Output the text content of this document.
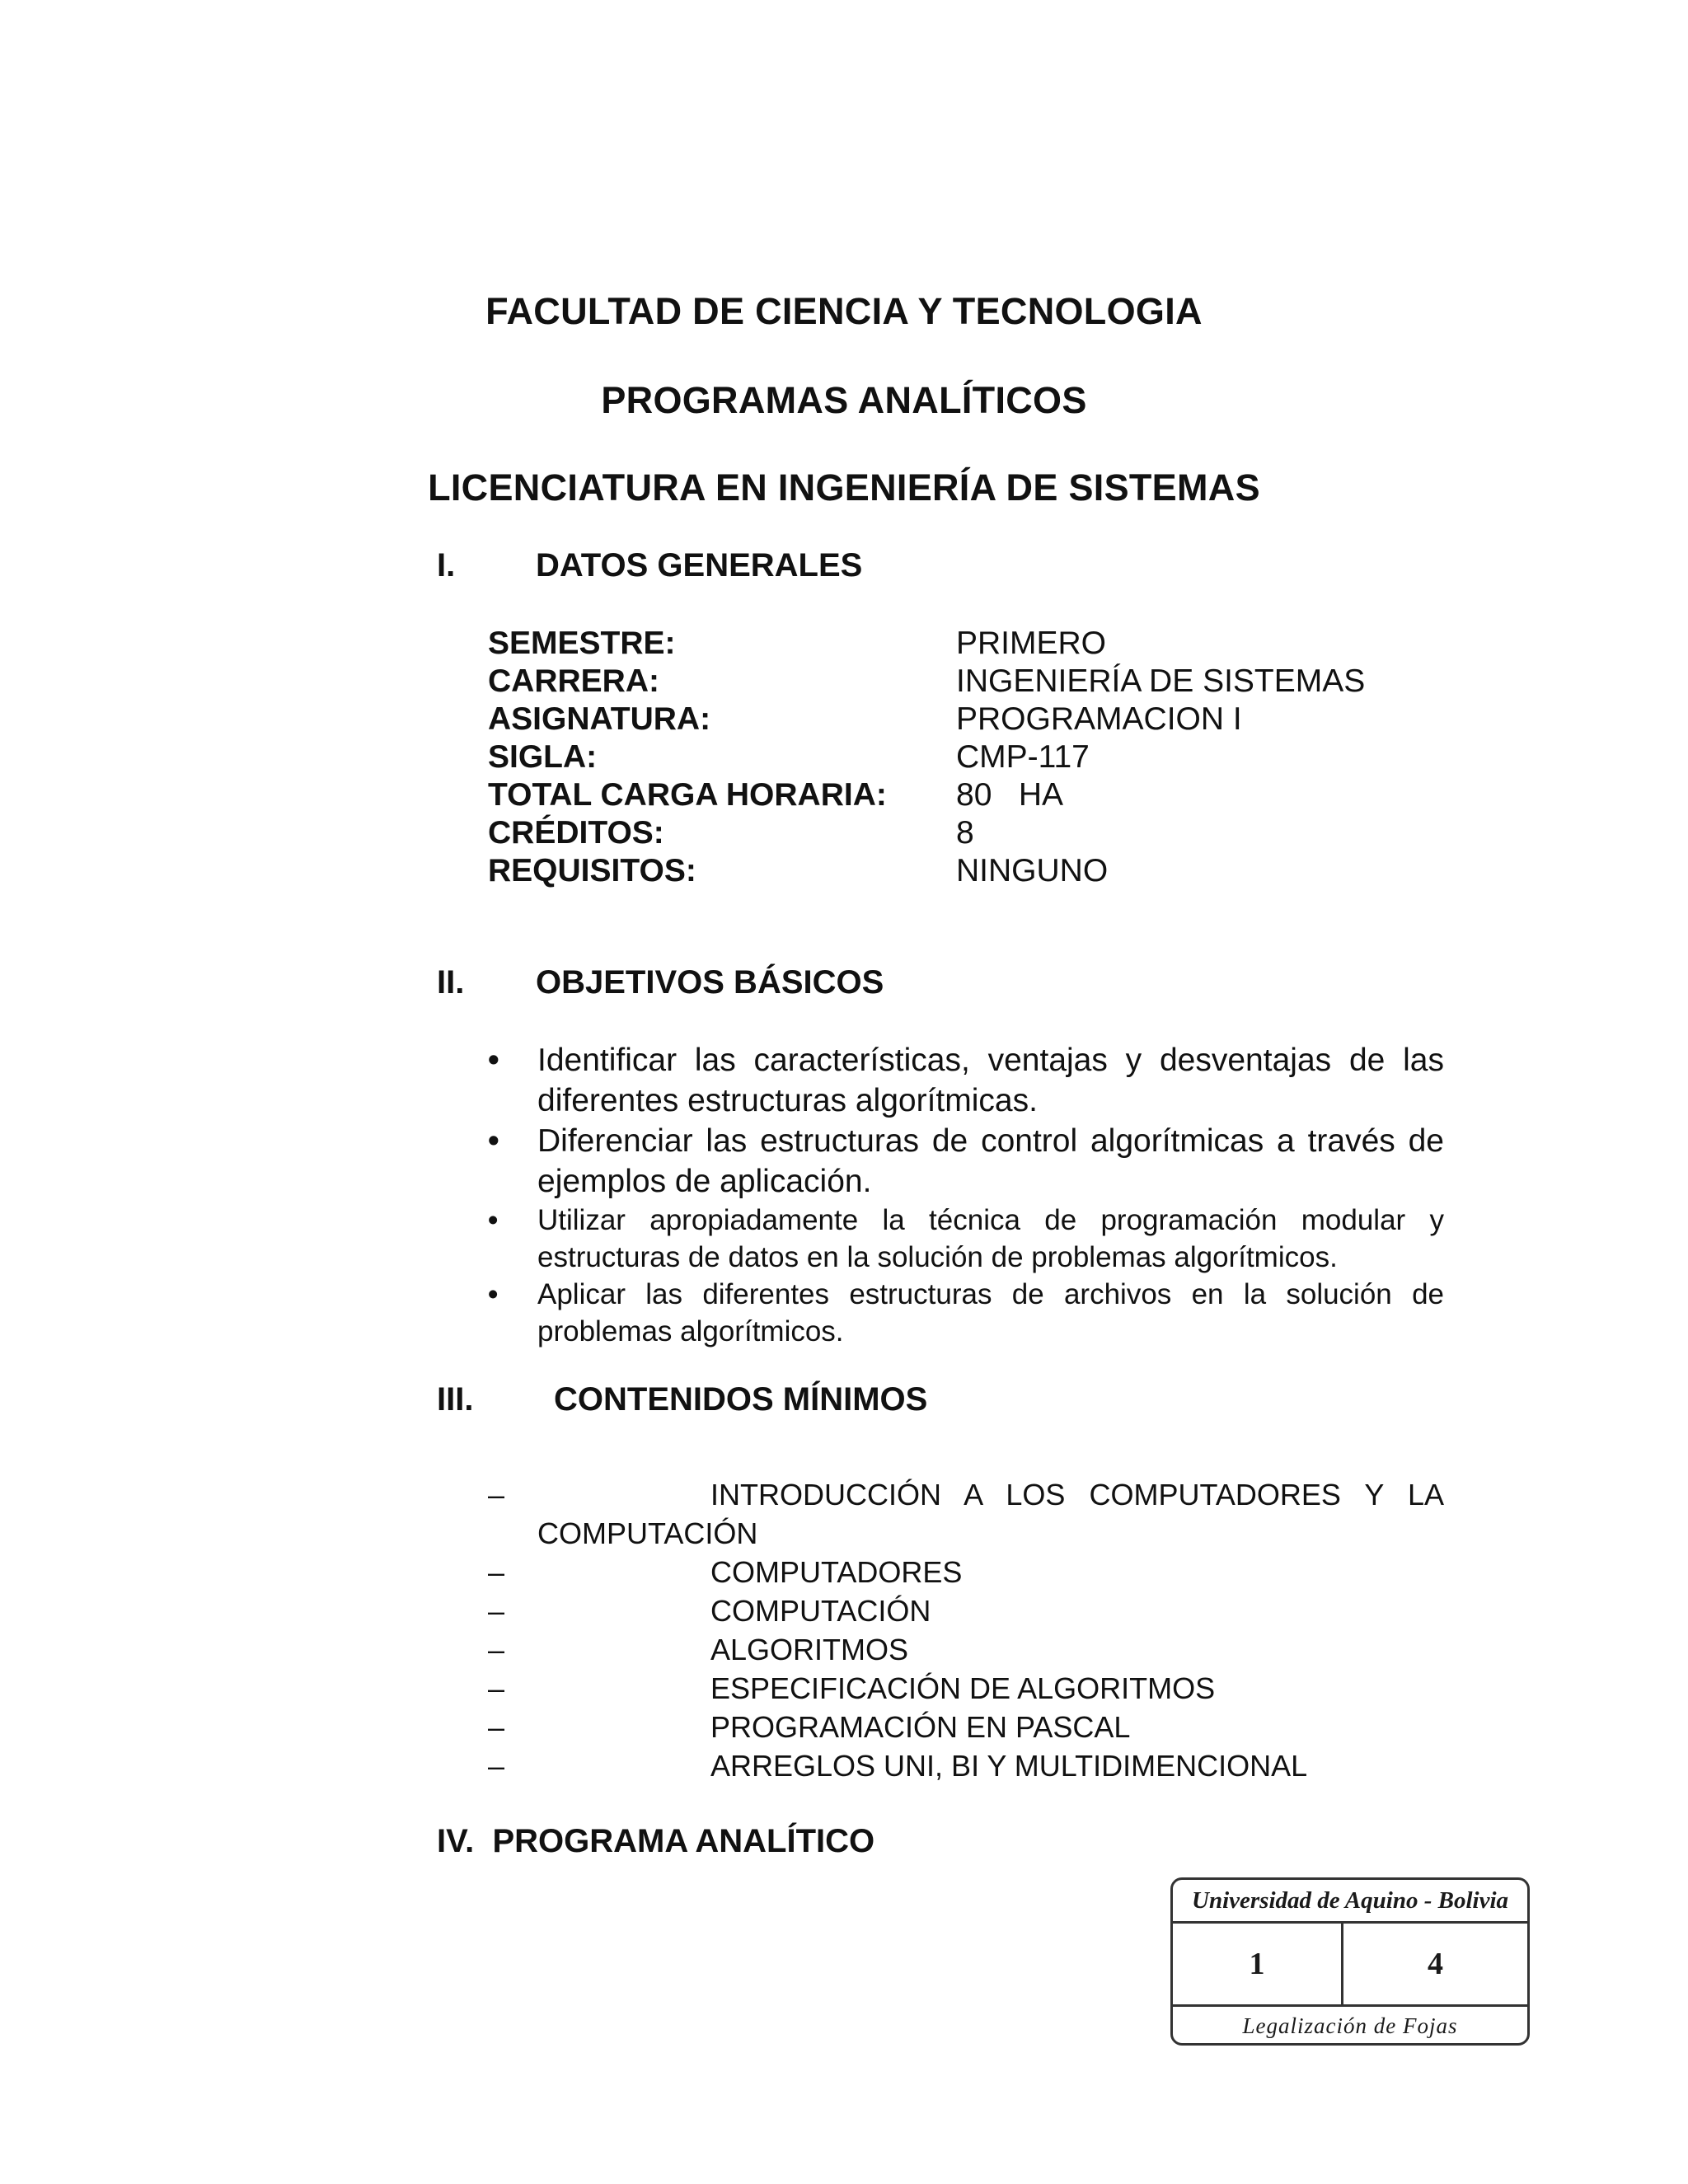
FACULTAD DE CIENCIA Y TECNOLOGIA
PROGRAMAS ANALÍTICOS
LICENCIATURA EN INGENIERÍA DE SISTEMAS
I. DATOS GENERALES
SEMESTRE:	PRIMERO
CARRERA:	INGENIERÍA DE SISTEMAS
ASIGNATURA:	PROGRAMACION I
SIGLA:	CMP-117
TOTAL CARGA HORARIA:	80   HA
CRÉDITOS:	8
REQUISITOS:	NINGUNO
II. OBJETIVOS BÁSICOS
• Identificar las características, ventajas y desventajas de las diferentes estructuras algorítmicas.
• Diferenciar las estructuras de control algorítmicas a través de ejemplos de aplicación.
• Utilizar apropiadamente la técnica de programación modular y estructuras de datos en la solución de problemas algorítmicos.
• Aplicar las diferentes estructuras de archivos en la solución de problemas algorítmicos.
III. CONTENIDOS MÍNIMOS
–	INTRODUCCIÓN A LOS COMPUTADORES Y LA
COMPUTACIÓN
–	COMPUTADORES
–	COMPUTACIÓN
–	ALGORITMOS
–	ESPECIFICACIÓN DE ALGORITMOS
–	PROGRAMACIÓN EN PASCAL
–	ARREGLOS UNI, BI Y MULTIDIMENCIONAL
IV.  PROGRAMA ANALÍTICO
Universidad de Aquino - Bolivia
1	4
Legalización de Fojas
